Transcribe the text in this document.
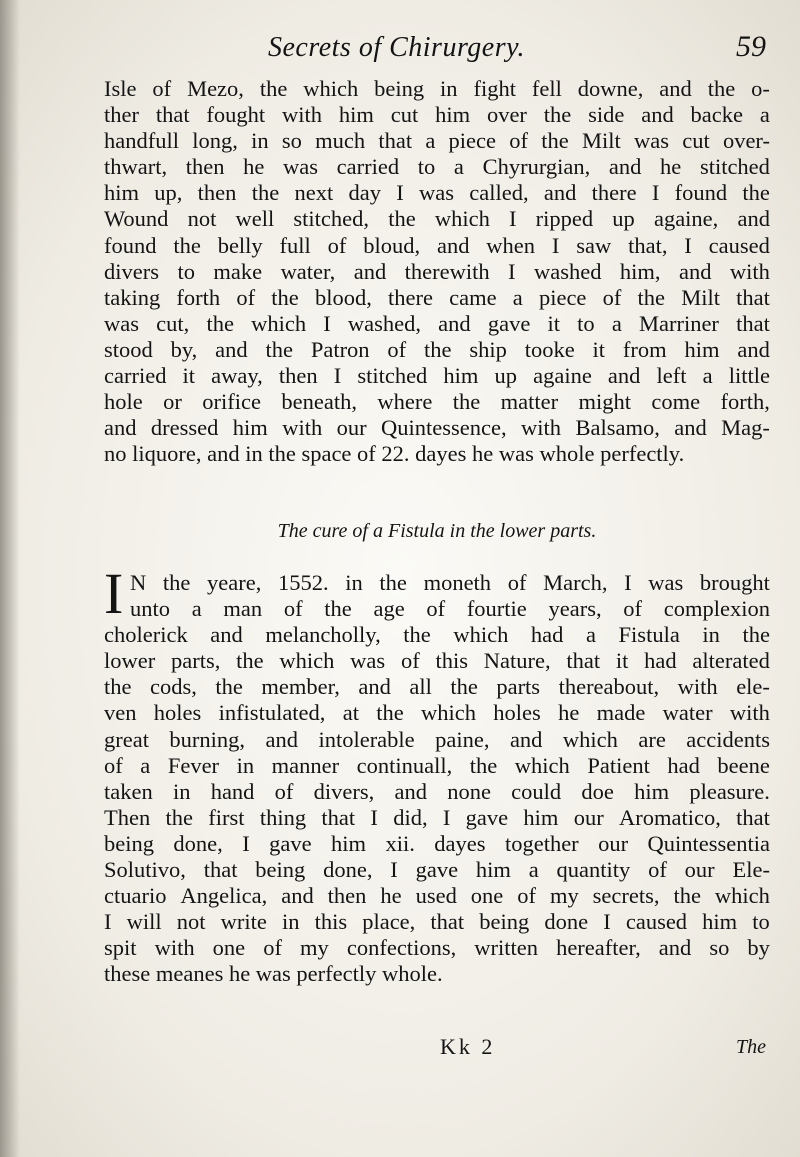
Secrets of Chirurgery.	59
Isle of Mezo, the which being in fight fell downe, and the o-
ther that fought with him cut him over the side and backe a
handfull long, in so much that a piece of the Milt was cut over-
thwart, then he was carried to a Chyrurgian, and he stitched
him up, then the next day I was called, and there I found the
Wound not well stitched, the which I ripped up againe, and
found the belly full of bloud, and when I saw that, I caused
divers to make water, and therewith I washed him, and with
taking forth of the blood, there came a piece of the Milt that
was cut, the which I washed, and gave it to a Marriner that
stood by, and the Patron of the ship tooke it from him and
carried it away, then I stitched him up againe and left a little
hole or orifice beneath, where the matter might come forth,
and dressed him with our Quintessence, with Balsamo, and Mag-
no liquore, and in the space of 22. dayes he was whole perfectly.
The cure of a Fistula in the lower parts.
I N the yeare, 1552. in the moneth of March, I was brought
unto a man of the age of fourtie years, of complexion
cholerick and melancholly, the which had a Fistula in the
lower parts, the which was of this Nature, that it had alterated
the cods, the member, and all the parts thereabout, with ele-
ven holes infistulated, at the which holes he made water with
great burning, and intolerable paine, and which are accidents
of a Fever in manner continuall, the which Patient had beene
taken in hand of divers, and none could doe him pleasure.
Then the first thing that I did, I gave him our Aromatico, that
being done, I gave him xii. dayes together our Quintessentia
Solutivo, that being done, I gave him a quantity of our Ele-
ctuario Angelica, and then he used one of my secrets, the which
I will not write in this place, that being done I caused him to
spit with one of my confections, written hereafter, and so by
these meanes he was perfectly whole.
Kk 2	The
